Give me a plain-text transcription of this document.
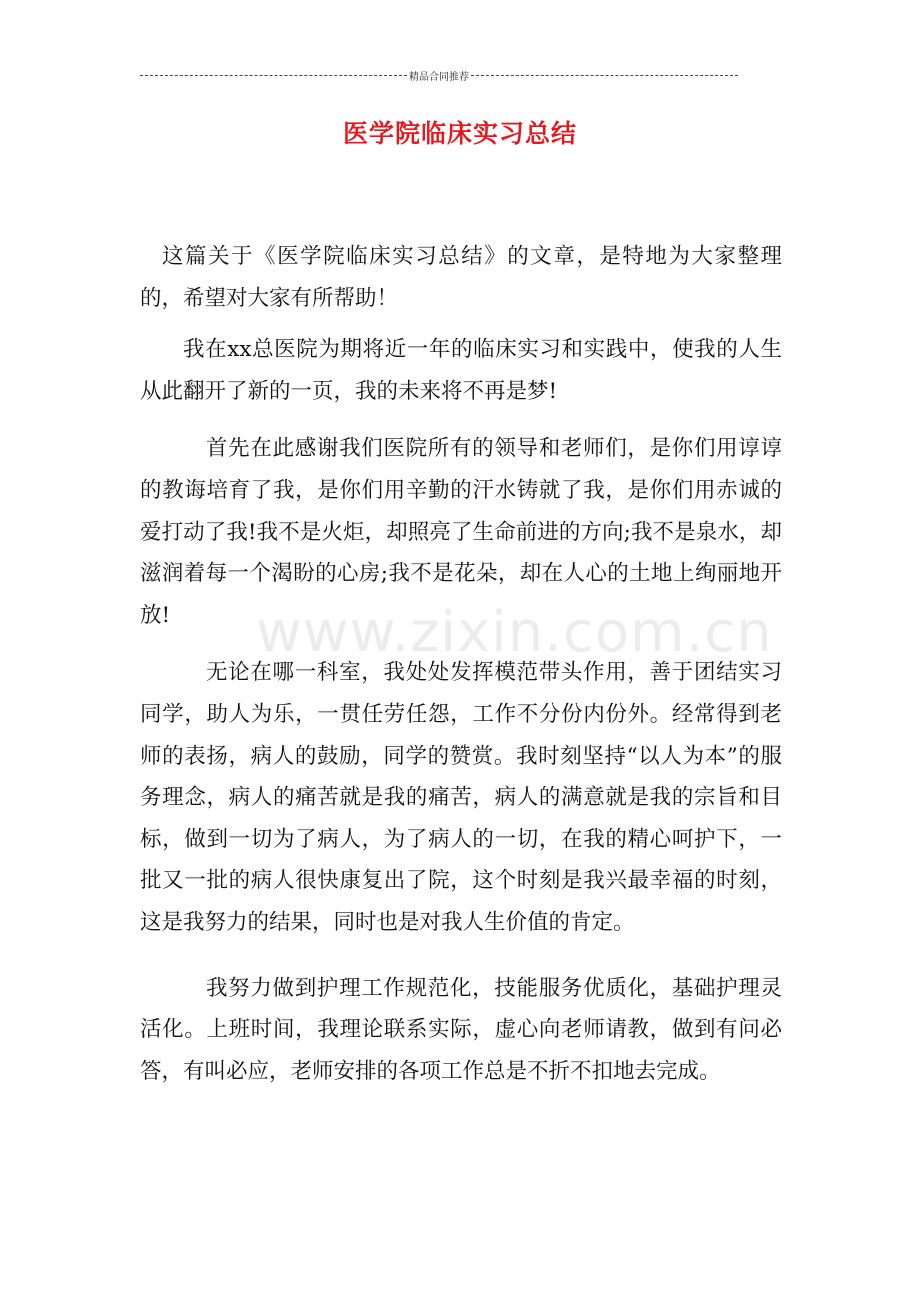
精品合同推荐
医学院临床实习总结

这篇关于《医学院临床实习总结》的文章，是特地为大家整理的，希望对大家有所帮助！

我在xx总医院为期将近一年的临床实习和实践中，使我的人生从此翻开了新的一页，我的未来将不再是梦!

首先在此感谢我们医院所有的领导和老师们，是你们用谆谆的教诲培育了我，是你们用辛勤的汗水铸就了我，是你们用赤诚的爱打动了我!我不是火炬，却照亮了生命前进的方向;我不是泉水，却滋润着每一个渴盼的心房;我不是花朵，却在人心的土地上绚丽地开放!

无论在哪一科室，我处处发挥模范带头作用，善于团结实习同学，助人为乐，一贯任劳任怨，工作不分份内份外。经常得到老师的表扬，病人的鼓励，同学的赞赏。我时刻坚持“以人为本”的服务理念，病人的痛苦就是我的痛苦，病人的满意就是我的宗旨和目标，做到一切为了病人，为了病人的一切，在我的精心呵护下，一批又一批的病人很快康复出了院，这个时刻是我兴最幸福的时刻，这是我努力的结果，同时也是对我人生价值的肯定。

我努力做到护理工作规范化，技能服务优质化，基础护理灵活化。上班时间，我理论联系实际，虚心向老师请教，做到有问必答，有叫必应，老师安排的各项工作总是不折不扣地去完成。

www.zixin.com.cn
